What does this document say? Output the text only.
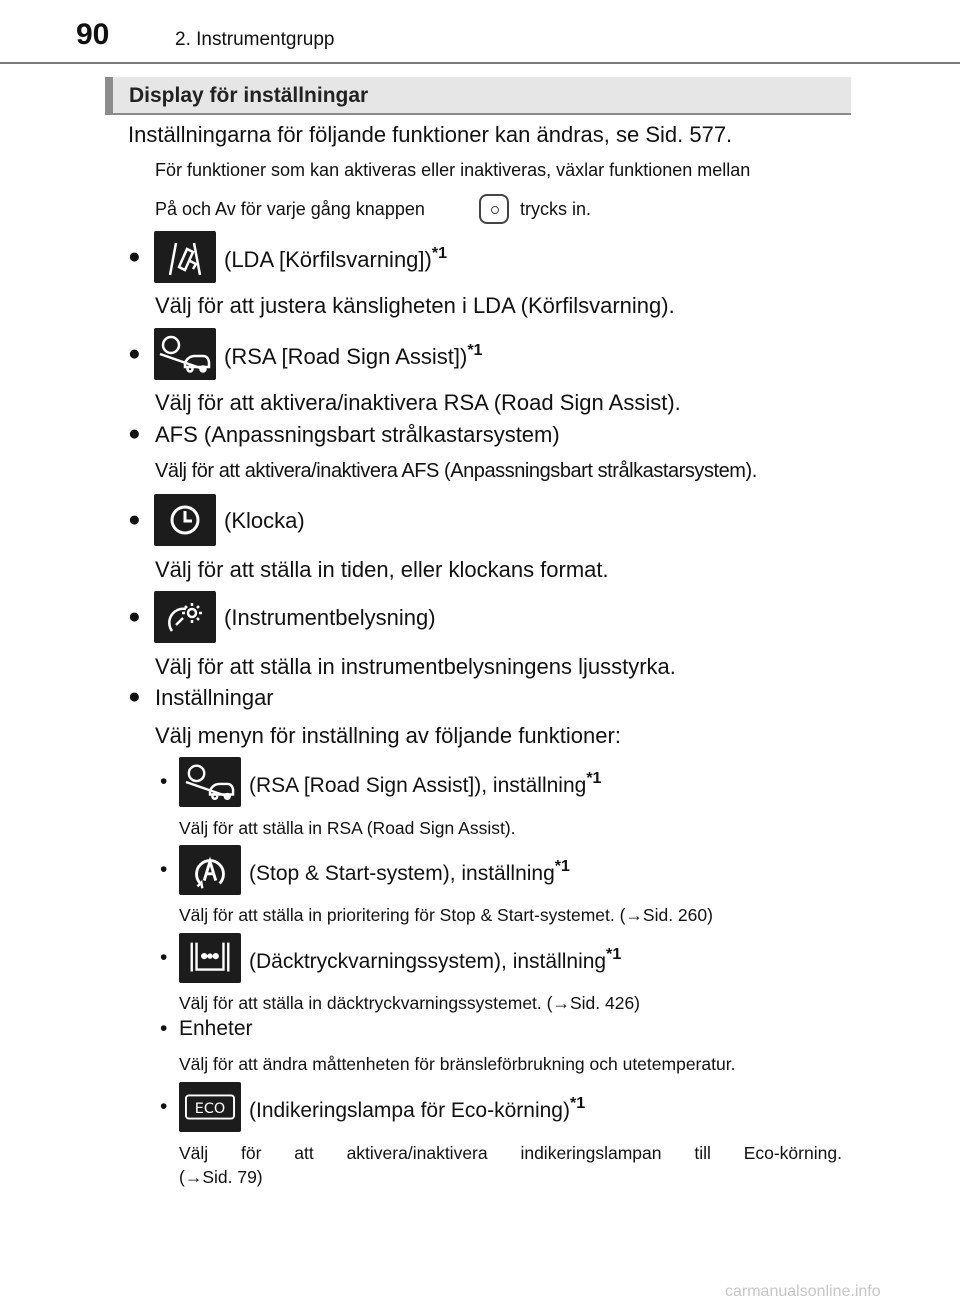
90	2. Instrumentgrupp
Display för inställningar
Inställningarna för följande funktioner kan ändras, se Sid. 577.
För funktioner som kan aktiveras eller inaktiveras, växlar funktionen mellan
På och Av för varje gång knappen	trycks in.
(LDA [Körfilsvarning])$^{*1}$
Välj för att justera känsligheten i LDA (Körfilsvarning).
(RSA [Road Sign Assist])$^{*1}$
Välj för att aktivera/inaktivera RSA (Road Sign Assist).
● AFS (Anpassningsbart strålkastarsystem)
Välj för att aktivera/inaktivera AFS (Anpassningsbart strålkastarsystem).
(Klocka)
Välj för att ställa in tiden, eller klockans format.
(Instrumentbelysning)
Välj för att ställa in instrumentbelysningens ljusstyrka.
● Inställningar
Välj menyn för inställning av följande funktioner:
•	(RSA [Road Sign Assist]), inställning$^{*1}$
Välj för att ställa in RSA (Road Sign Assist).
•	(Stop & Start-system), inställning$^{*1}$
Välj för att ställa in prioritering för Stop & Start-systemet. (→Sid. 260)
•	(Däcktryckvarningssystem), inställning$^{*1}$
Välj för att ställa in däcktryckvarningssystemet. (→Sid. 426)
• Enheter
Välj för att ändra måttenheten för bränsleförbrukning och utetemperatur.
• ECO (Indikeringslampa för Eco-körning)$^{*1}$
Välj för att aktivera/inaktivera indikeringslampan till Eco-körning.
(→Sid. 79)
carmanualsonline.info
